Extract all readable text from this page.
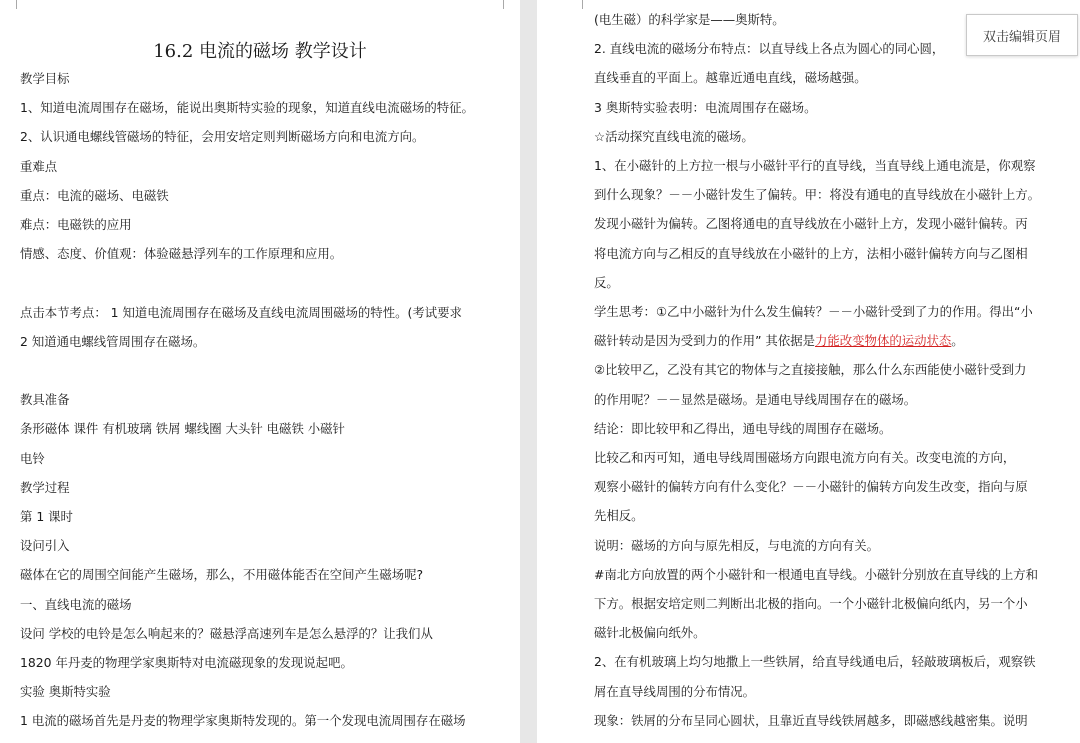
16.2 电流的磁场 教学设计
教学目标
1、知道电流周围存在磁场，能说出奥斯特实验的现象，知道直线电流磁场的特征。
2、认识通电螺线管磁场的特征，会用安培定则判断磁场方向和电流方向。
重难点
重点：电流的磁场、电磁铁
难点：电磁铁的应用
情感、态度、价值观：体验磁悬浮列车的工作原理和应用。
点击本节考点： 1 知道电流周围存在磁场及直线电流周围磁场的特性。(考试要求
2 知道通电螺线管周围存在磁场。
教具准备
条形磁体 课件 有机玻璃 铁屑 螺线圈 大头针 电磁铁 小磁针
电铃
教学过程
第 1 课时
设问引入
磁体在它的周围空间能产生磁场，那么，不用磁体能否在空间产生磁场呢?
一、直线电流的磁场
设问 学校的电铃是怎么响起来的？磁悬浮高速列车是怎么悬浮的？让我们从
1820 年丹麦的物理学家奥斯特对电流磁现象的发现说起吧。
实验 奥斯特实验
1 电流的磁场首先是丹麦的物理学家奥斯特发现的。第一个发现电流周围存在磁场
(电生磁）的科学家是——奥斯特。
2. 直线电流的磁场分布特点：以直导线上各点为圆心的同心圆，
直线垂直的平面上。越靠近通电直线，磁场越强。
3 奥斯特实验表明：电流周围存在磁场。
☆活动探究直线电流的磁场。
1、在小磁针的上方拉一根与小磁针平行的直导线，当直导线上通电流是，你观察
到什么现象？－－小磁针发生了偏转。甲：将没有通电的直导线放在小磁针上方。
发现小磁针为偏转。乙图将通电的直导线放在小磁针上方，发现小磁针偏转。丙
将电流方向与乙相反的直导线放在小磁针的上方，法相小磁针偏转方向与乙图相
反。
学生思考：①乙中小磁针为什么发生偏转？－－小磁针受到了力的作用。得出“小
磁针转动是因为受到力的作用” 其依据是力能改变物体的运动状态。
②比较甲乙，乙没有其它的物体与之直接接触，那么什么东西能使小磁针受到力
的作用呢？－－显然是磁场。是通电导线周围存在的磁场。
结论：即比较甲和乙得出，通电导线的周围存在磁场。
比较乙和丙可知，通电导线周围磁场方向跟电流方向有关。改变电流的方向，
观察小磁针的偏转方向有什么变化？－－小磁针的偏转方向发生改变，指向与原
先相反。
说明：磁场的方向与原先相反，与电流的方向有关。
#南北方向放置的两个小磁针和一根通电直导线。小磁针分别放在直导线的上方和
下方。根据安培定则二判断出北极的指向。一个小磁针北极偏向纸内，另一个小
磁针北极偏向纸外。
2、在有机玻璃上均匀地撒上一些铁屑，给直导线通电后，轻敲玻璃板后，观察铁
屑在直导线周围的分布情况。
现象：铁屑的分布呈同心圆状，且靠近直导线铁屑越多，即磁感线越密集。说明
双击编辑页眉
